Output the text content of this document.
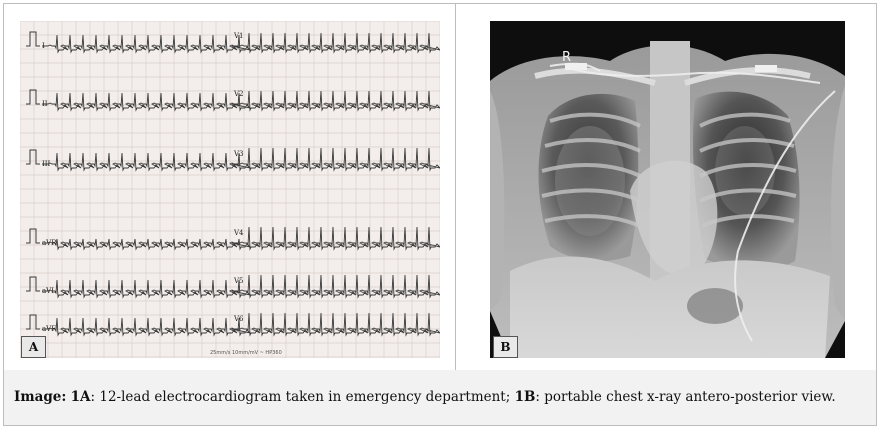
I
V1
II
V2
III
V3
aVR
V4
aVL
V5
aVF
V6
25mm/s 10mm/mV ~ HP360
A
R
B
Image: 1A: 12-lead electrocardiogram taken in emergency department; 1B: portable chest x-ray antero-posterior view.
